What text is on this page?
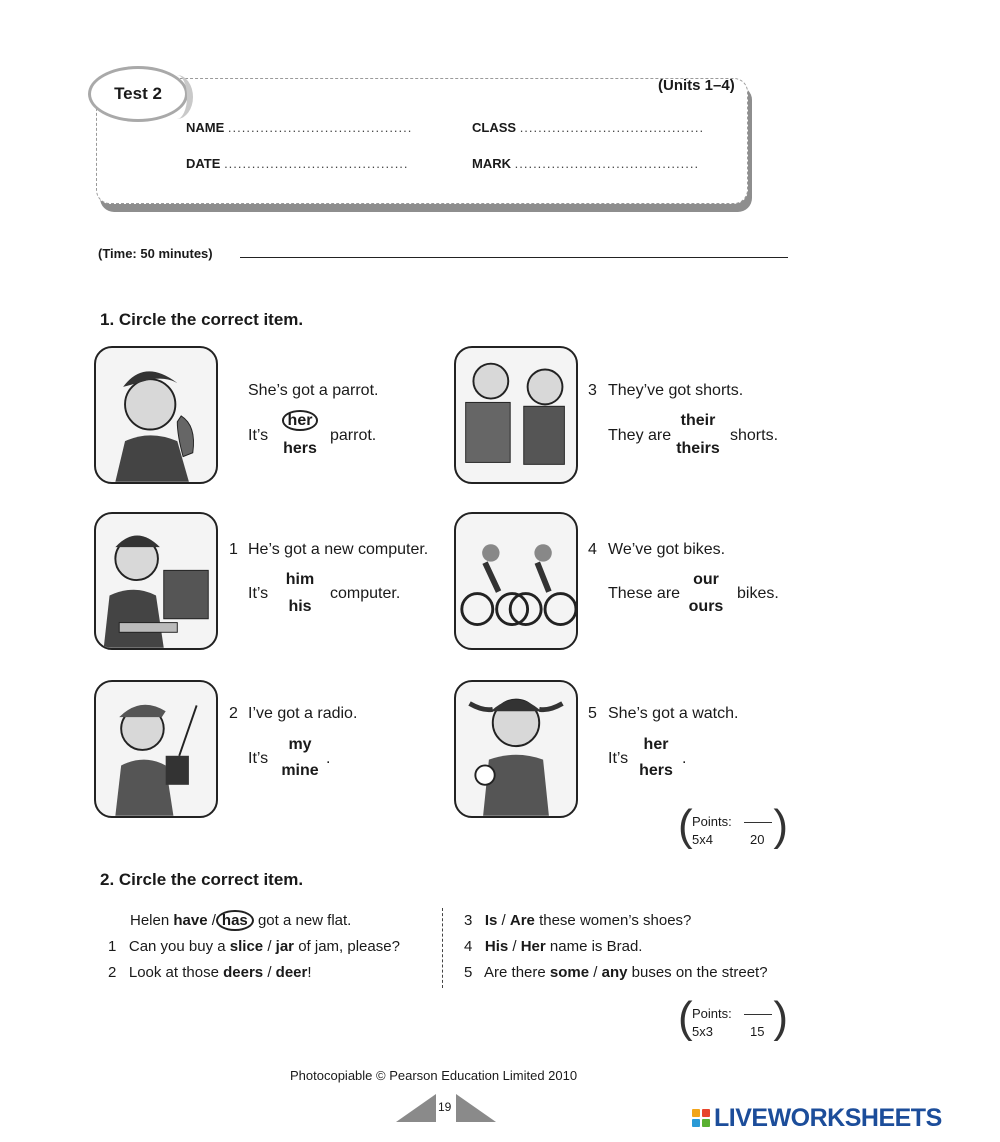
Test 2	(Units 1–4)
NAME ........................................	CLASS ........................................
DATE ........................................	MARK ........................................
(Time: 50 minutes)
1. Circle the correct item.
She’s got a parrot.
It’s
her
hers
parrot.
1 He’s got a new computer.
It’s
him
his
computer.
2 I’ve got a radio.
It’s
my
mine
.
3 They’ve got shorts.
They are
their
theirs
shorts.
4 We’ve got bikes.
These are
our
ours
bikes.
5 She’s got a watch.
It’s
her
hers
.
( Points:
5x4	20 )
2. Circle the correct item.
Helen have / has got a new flat.
1 Can you buy a slice / jar of jam, please?
2 Look at those deers / deer!
3 Is / Are these women’s shoes?
4 His / Her name is Brad.
5 Are there some / any buses on the street?
( Points:
5x3	15 )
Photocopiable © Pearson Education Limited 2010
19	LIVEWORKSHEETS
